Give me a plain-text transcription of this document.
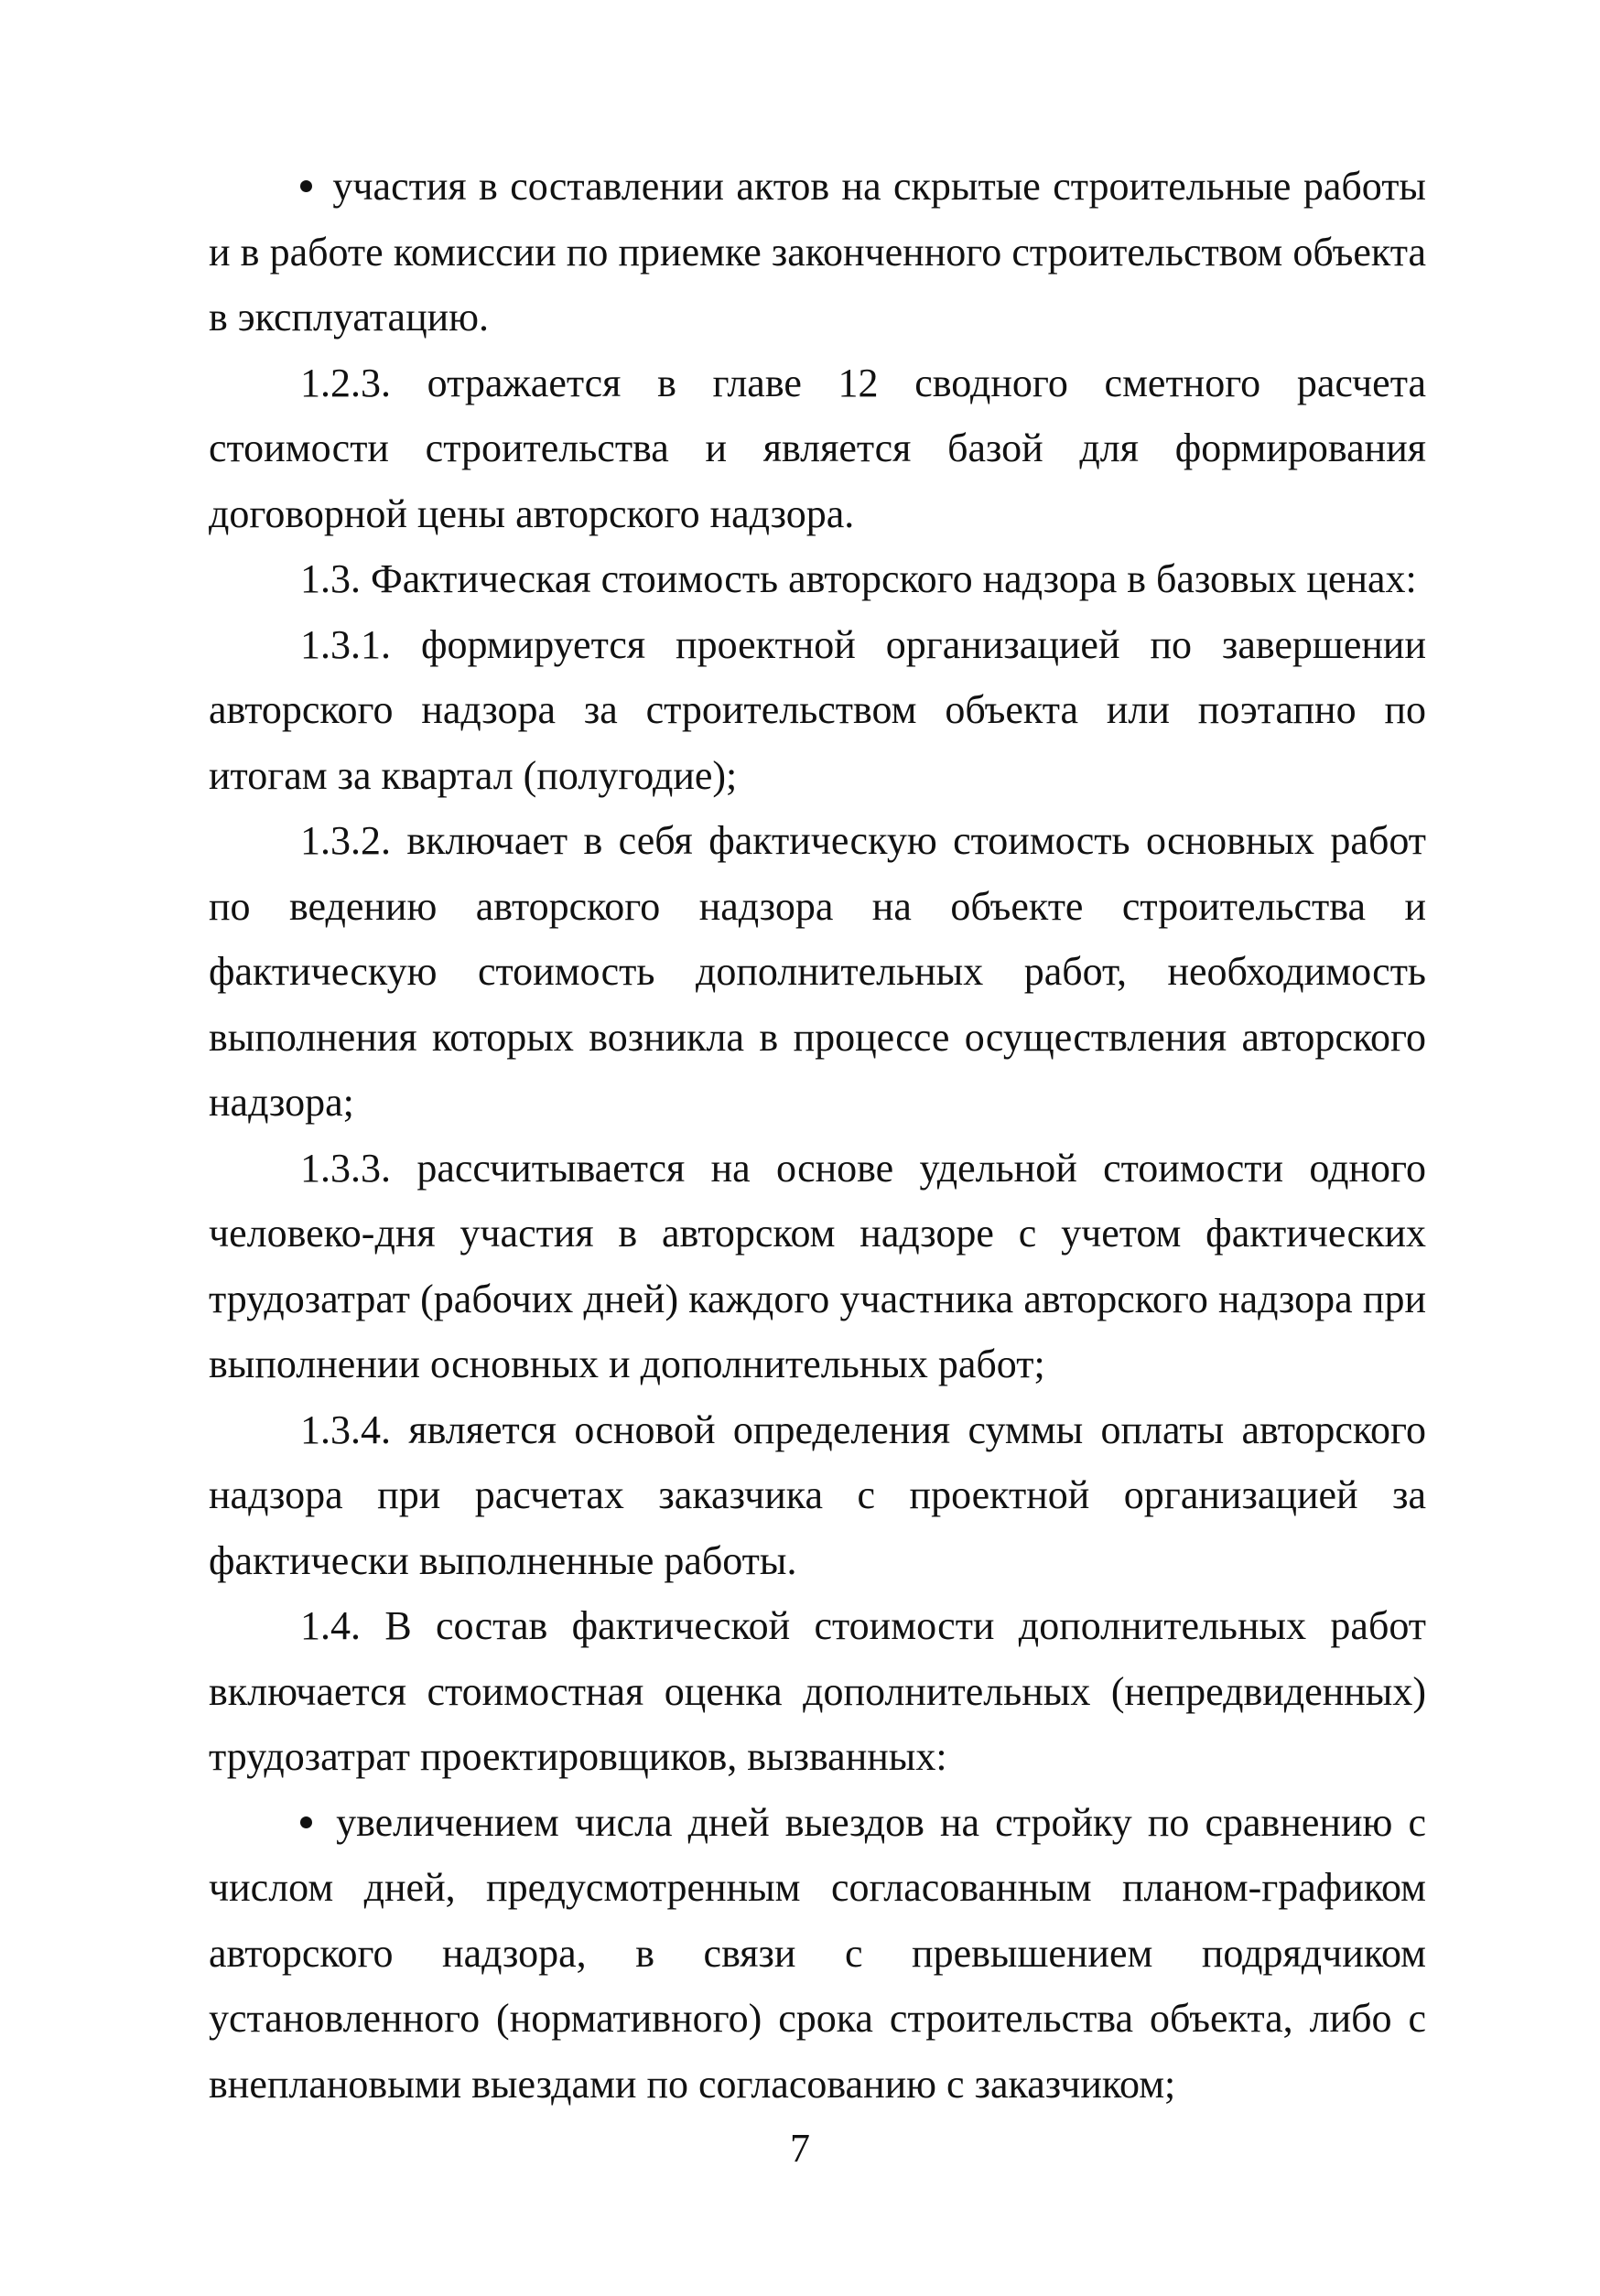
участия в составлении актов на скрытые строительные работы и в работе комиссии по приемке законченного строительством объекта в эксплуатацию.

1.2.3. отражается в главе 12 сводного сметного расчета стоимости строительства и является базой для формирования договорной цены авторского надзора.

1.3. Фактическая стоимость авторского надзора в базовых ценах:

1.3.1. формируется проектной организацией по завершении авторского надзора за строительством объекта или поэтапно по итогам за квартал (полугодие);

1.3.2. включает в себя фактическую стоимость основных работ по ведению авторского надзора на объекте строительства и фактическую стоимость дополнительных работ, необходимость выполнения которых возникла в процессе осуществления авторского надзора;

1.3.3. рассчитывается на основе удельной стоимости одного человеко-дня участия в авторском надзоре с учетом фактических трудозатрат (рабочих дней) каждого участника авторского надзора при выполнении основных и дополнительных работ;

1.3.4. является основой определения суммы оплаты авторского надзора при расчетах заказчика с проектной организацией за фактически выполненные работы.

1.4. В состав фактической стоимости дополнительных работ включается стоимостная оценка дополнительных (непредвиденных) трудозатрат проектировщиков, вызванных:

увеличением числа дней выездов на стройку по сравнению с числом дней, предусмотренным согласованным планом-графиком авторского надзора, в связи с превышением подрядчиком установленного (нормативного) срока строительства объекта, либо с внеплановыми выездами по согласованию с заказчиком;

7
